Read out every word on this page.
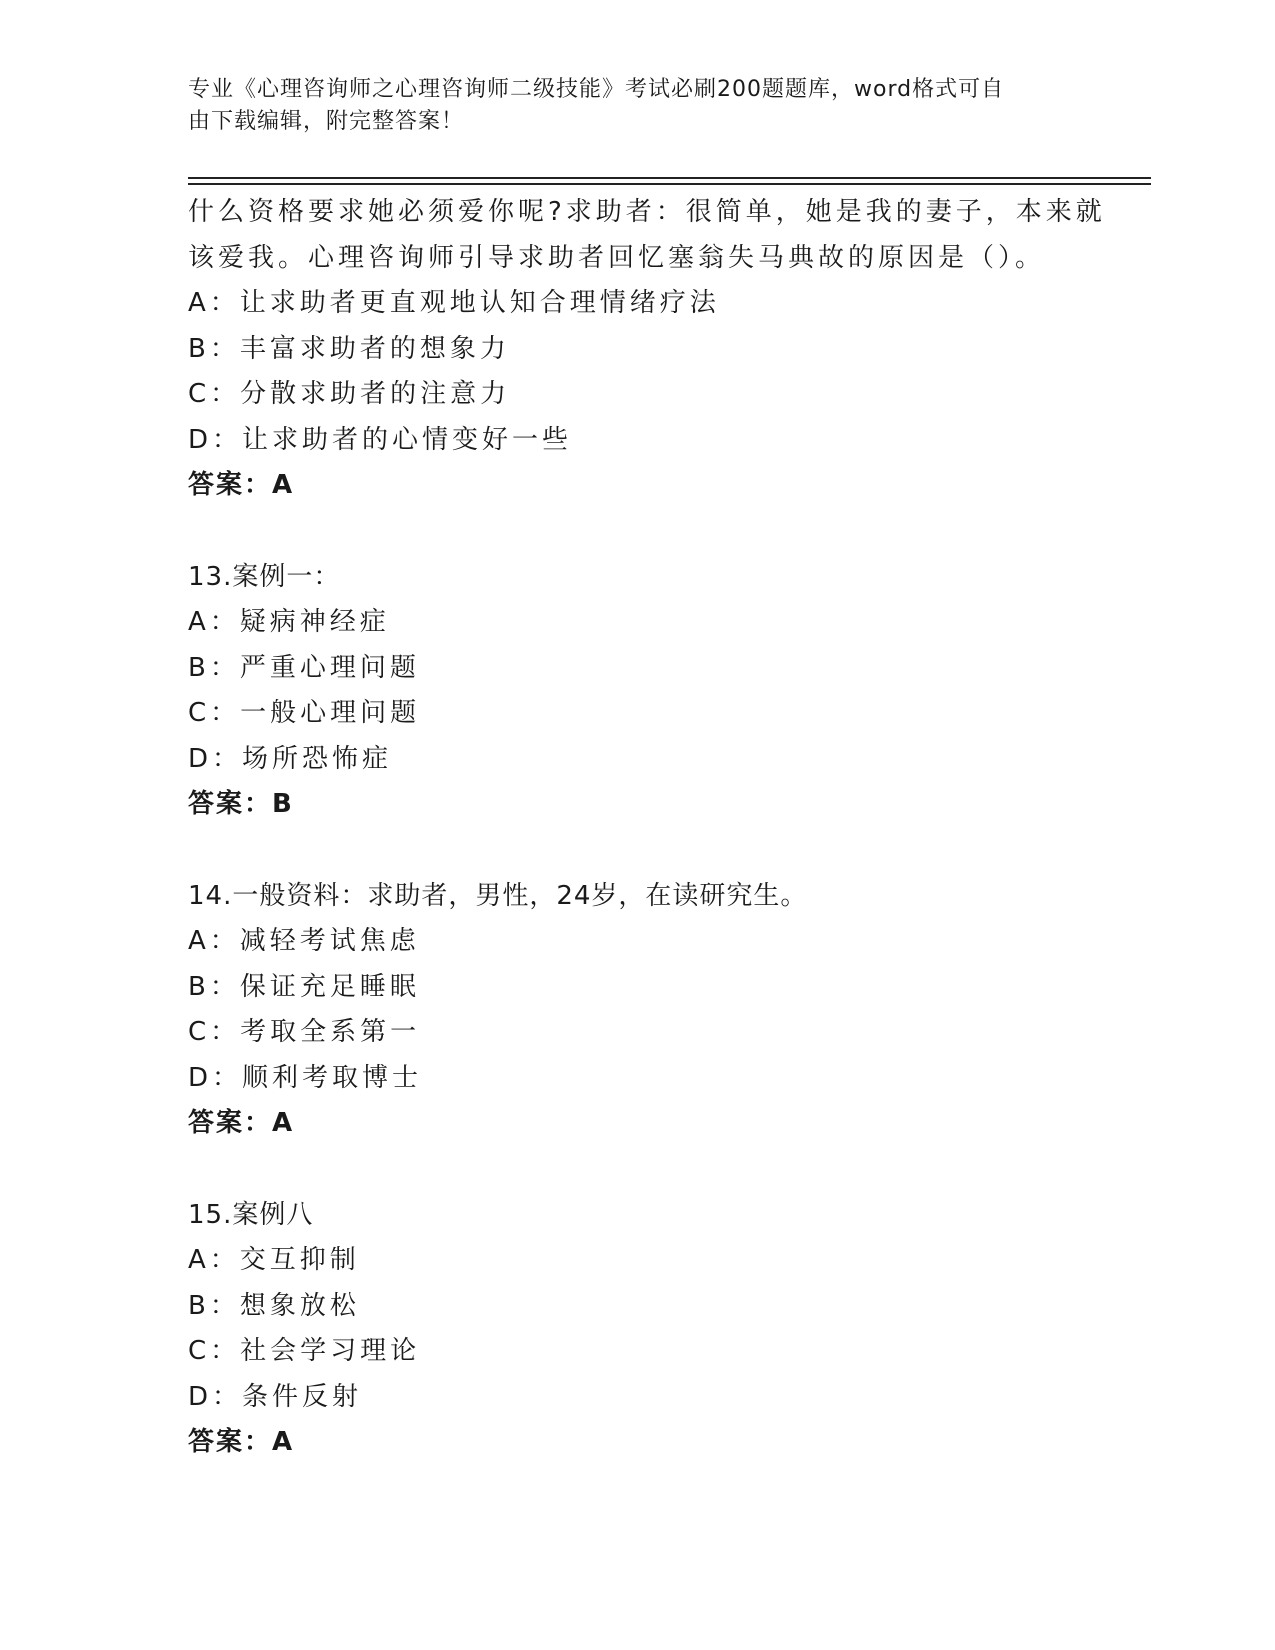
专业《心理咨询师之心理咨询师二级技能》考试必刷200题题库，word格式可自
由下载编辑，附完整答案！
什么资格要求她必须爱你呢?求助者：很简单，她是我的妻子，本来就
该爱我。心理咨询师引导求助者回忆塞翁失马典故的原因是（）。
A：让求助者更直观地认知合理情绪疗法
B：丰富求助者的想象力
C：分散求助者的注意力
D：让求助者的心情变好一些
答案：A
13.案例一：
A：疑病神经症
B：严重心理问题
C：一般心理问题
D：场所恐怖症
答案：B
14.一般资料：求助者，男性，24岁，在读研究生。
A：减轻考试焦虑
B：保证充足睡眠
C：考取全系第一
D：顺利考取博士
答案：A
15.案例八
A：交互抑制
B：想象放松
C：社会学习理论
D：条件反射
答案：A
